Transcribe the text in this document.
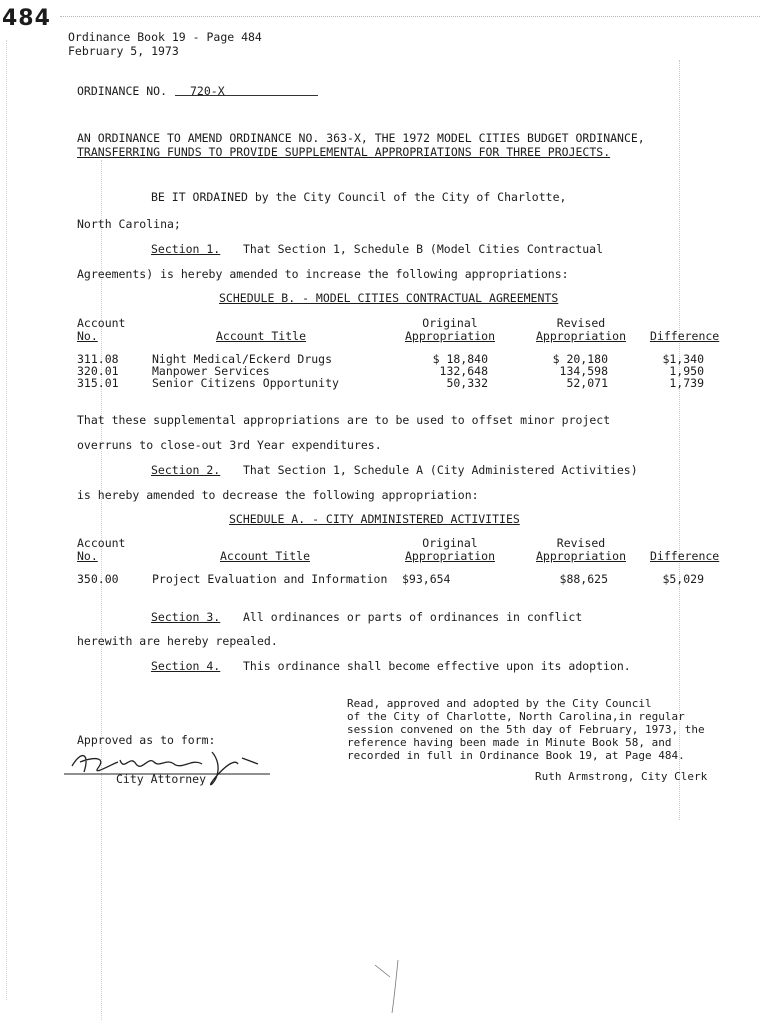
484
Ordinance Book 19 - Page 484
February 5, 1973
ORDINANCE NO. 720-X
AN ORDINANCE TO AMEND ORDINANCE NO. 363-X, THE 1972 MODEL CITIES BUDGET ORDINANCE,
TRANSFERRING FUNDS TO PROVIDE SUPPLEMENTAL APPROPRIATIONS FOR THREE PROJECTS.
BE IT ORDAINED by the City Council of the City of Charlotte,
North Carolina;
Section 1. That Section 1, Schedule B (Model Cities Contractual
Agreements) is hereby amended to increase the following appropriations:
SCHEDULE B. - MODEL CITIES CONTRACTUAL AGREEMENTS
Account
No.	Account Title
Original
Appropriation
Revised
Appropriation	Difference
311.08	Night Medical/Eckerd Drugs	$ 18,840	$ 20,180	$1,340
320.01	Manpower Services	132,648	134,598	1,950
315.01	Senior Citizens Opportunity	50,332	52,071	1,739
That these supplemental appropriations are to be used to offset minor project
overruns to close-out 3rd Year expenditures.
Section 2. That Section 1, Schedule A (City Administered Activities)
is hereby amended to decrease the following appropriation:
SCHEDULE A. - CITY ADMINISTERED ACTIVITIES
Account
No.	Account Title
Original
Appropriation
Revised
Appropriation	Difference
350.00	Project Evaluation and Information $93,654	$88,625	$5,029
Section 3. All ordinances or parts of ordinances in conflict
herewith are hereby repealed.
Section 4. This ordinance shall become effective upon its adoption.
Read, approved and adopted by the City Council
of the City of Charlotte, North Carolina,in regular
session convened on the 5th day of February, 1973, the
reference having been made in Minute Book 58, and
recorded in full in Ordinance Book 19, at Page 484.
Ruth Armstrong, City Clerk
Approved as to form:
City Attorney
